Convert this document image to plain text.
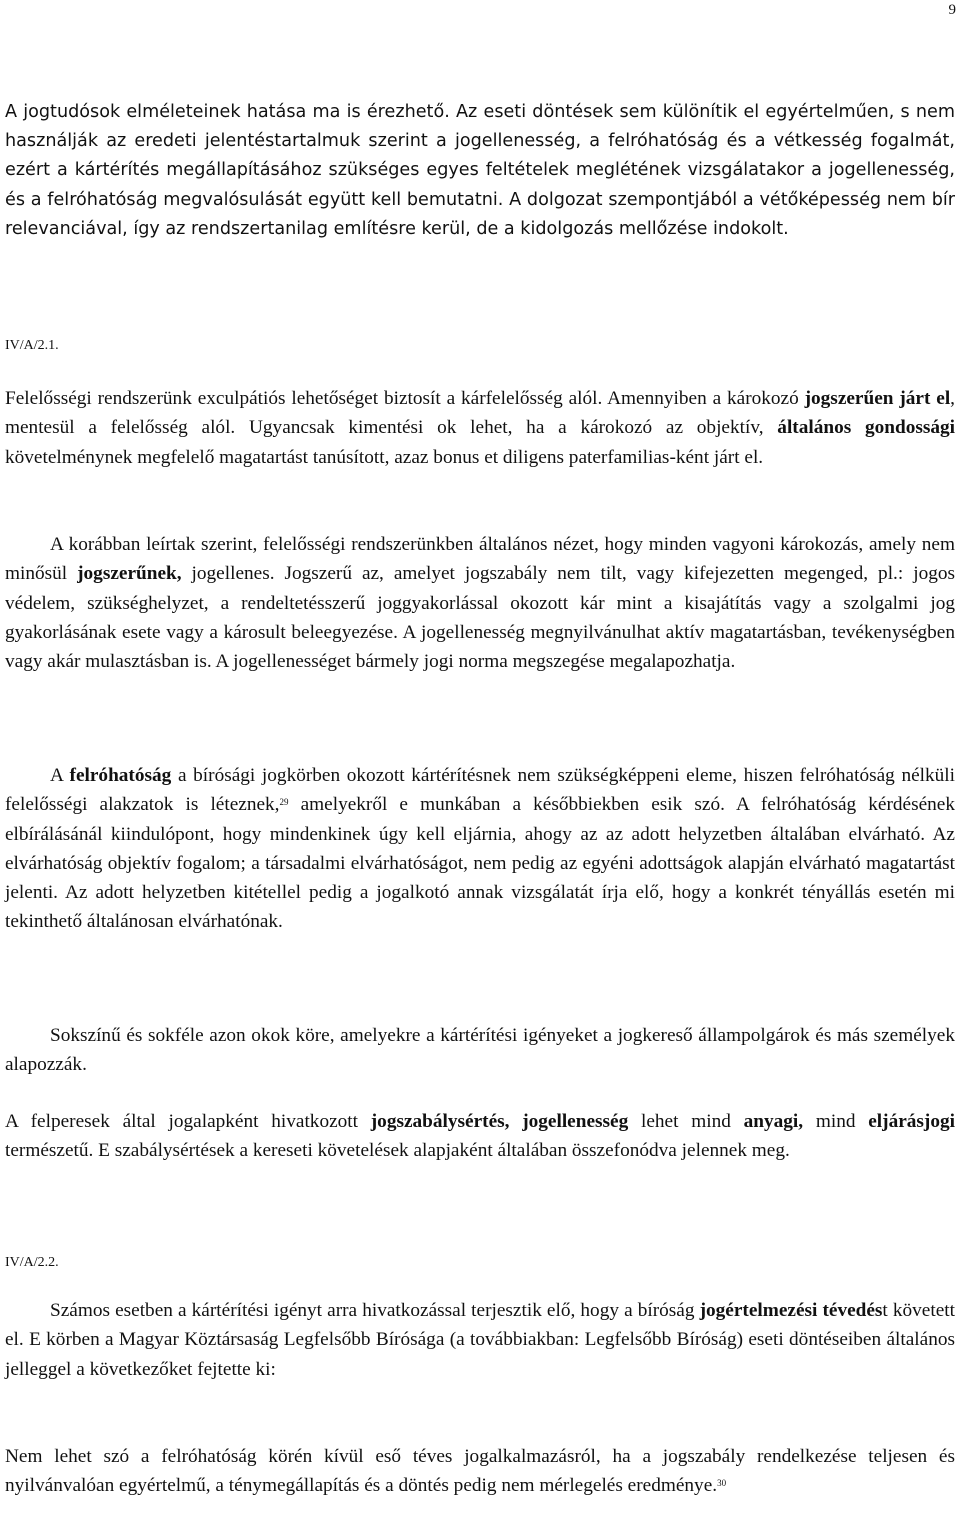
9

A jogtudósok elméleteinek hatása ma is érezhető. Az eseti döntések sem különítik el egyértelműen, s nem használják az eredeti jelentéstartalmuk szerint a jogellenesség, a felróhatóság és a vétkesség fogalmát, ezért a kártérítés megállapításához szükséges egyes feltételek meglétének vizsgálatakor a jogellenesség, és a felróhatóság megvalósulását együtt kell bemutatni. A dolgozat szempontjából a vétőképesség nem bír relevanciával, így az rendszertanilag említésre kerül, de a kidolgozás mellőzése indokolt.

IV/A/2.1.

Felelősségi rendszerünk exculpátiós lehetőséget biztosít a kárfelelősség alól. Amennyiben a károkozó jogszerűen járt el, mentesül a felelősség alól. Ugyancsak kimentési ok lehet, ha a károkozó az objektív, általános gondossági követelménynek megfelelő magatartást tanúsított, azaz bonus et diligens paterfamilias-ként járt el.

A korábban leírtak szerint, felelősségi rendszerünkben általános nézet, hogy minden vagyoni károkozás, amely nem minősül jogszerűnek, jogellenes. Jogszerű az, amelyet jogszabály nem tilt, vagy kifejezetten megenged, pl.: jogos védelem, szükséghelyzet, a rendeltetésszerű joggyakorlással okozott kár mint a kisajátítás vagy a szolgalmi jog gyakorlásának esete vagy a károsult beleegyezése. A jogellenesség megnyilvánulhat aktív magatartásban, tevékenységben vagy akár mulasztásban is. A jogellenességet bármely jogi norma megszegése megalapozhatja.

A felróhatóság a bírósági jogkörben okozott kártérítésnek nem szükségképpeni eleme, hiszen felróhatóság nélküli felelősségi alakzatok is léteznek,$^{29}$ amelyekről e munkában a későbbiekben esik szó. A felróhatóság kérdésének elbírálásánál kiindulópont, hogy mindenkinek úgy kell eljárnia, ahogy az az adott helyzetben általában elvárható. Az elvárhatóság objektív fogalom; a társadalmi elvárhatóságot, nem pedig az egyéni adottságok alapján elvárható magatartást jelenti. Az adott helyzetben kitétellel pedig a jogalkotó annak vizsgálatát írja elő, hogy a konkrét tényállás esetén mi tekinthető általánosan elvárhatónak.

Sokszínű és sokféle azon okok köre, amelyekre a kártérítési igényeket a jogkereső állampolgárok és más személyek alapozzák.

A felperesek által jogalapként hivatkozott jogszabálysértés, jogellenesség lehet mind anyagi, mind eljárásjogi természetű. E szabálysértések a kereseti követelések alapjaként általában összefonódva jelennek meg.

IV/A/2.2.

Számos esetben a kártérítési igényt arra hivatkozással terjesztik elő, hogy a bíróság jogértelmezési tévedést követett el. E körben a Magyar Köztársaság Legfelsőbb Bírósága (a továbbiakban: Legfelsőbb Bíróság) eseti döntéseiben általános jelleggel a következőket fejtette ki:

Nem lehet szó a felróhatóság körén kívül eső téves jogalkalmazásról, ha a jogszabály rendelkezése teljesen és nyilvánvalóan egyértelmű, a ténymegállapítás és a döntés pedig nem mérlegelés eredménye.$^{30}$
